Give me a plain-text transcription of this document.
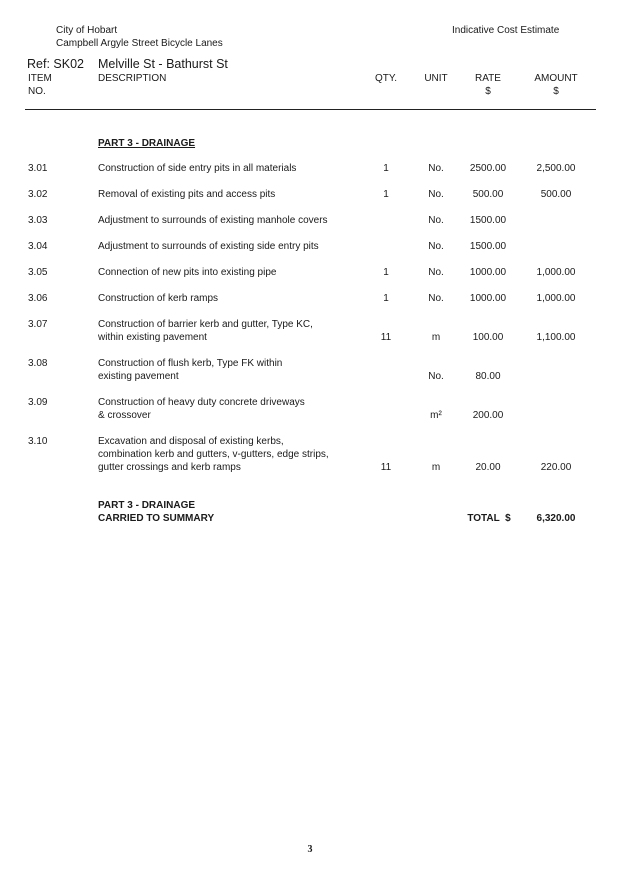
City of Hobart
Campbell Argyle Street Bicycle Lanes
Indicative Cost Estimate
Ref: SK02 Melville St - Bathurst St
ITEM
NO.
DESCRIPTION	QTY.	UNIT	RATE
$
AMOUNT
$
PART 3 - DRAINAGE
3.01	Construction of side entry pits in all materials	1	No.	2500.00	2,500.00
3.02	Removal of existing pits and access pits	1	No.	500.00	500.00
3.03	Adjustment to surrounds of existing manhole covers	No.	1500.00
3.04	Adjustment to surrounds of existing side entry pits	No.	1500.00
3.05	Connection of new pits into existing pipe	1	No.	1000.00	1,000.00
3.06	Construction of kerb ramps	1	No.	1000.00	1,000.00
3.07	Construction of barrier kerb and gutter, Type KC,
within existing pavement	11	m	100.00	1,100.00
3.08	Construction of flush kerb, Type FK within
existing pavement	No.	80.00
3.09	Construction of heavy duty concrete driveways
& crossover	m²	200.00
3.10	Excavation and disposal of existing kerbs,
combination kerb and gutters, v-gutters, edge strips,
gutter crossings and kerb ramps	11	m	20.00	220.00
PART 3 - DRAINAGE
CARRIED TO SUMMARY	TOTAL  $	6,320.00
3
